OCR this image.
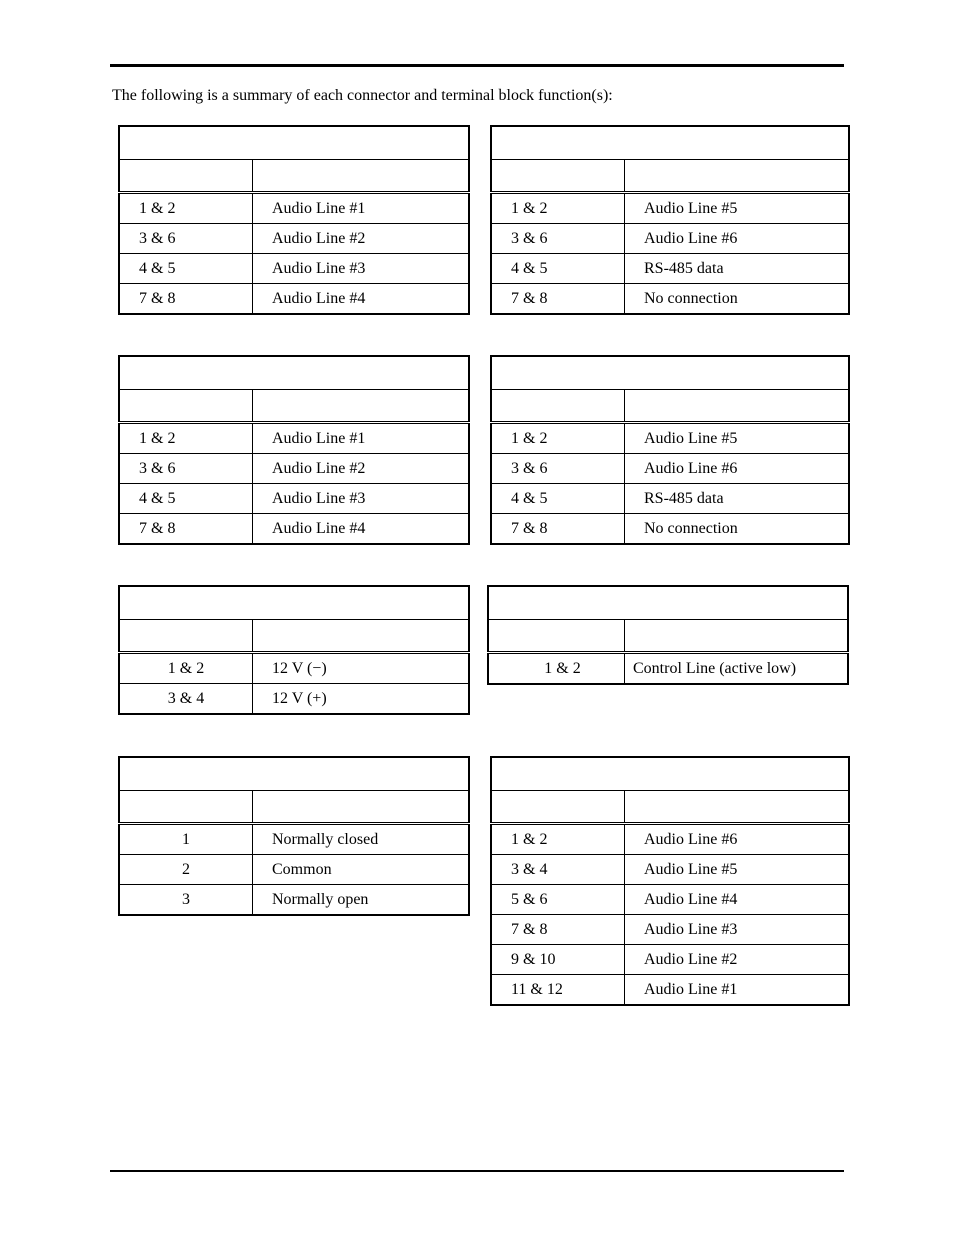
The following is a summary of each connector and terminal block function(s):

1 & 2	Audio Line #1
3 & 6	Audio Line #2
4 & 5	Audio Line #3
7 & 8	Audio Line #4

1 & 2	Audio Line #5
3 & 6	Audio Line #6
4 & 5	RS-485 data
7 & 8	No connection

1 & 2	Audio Line #1
3 & 6	Audio Line #2
4 & 5	Audio Line #3
7 & 8	Audio Line #4

1 & 2	Audio Line #5
3 & 6	Audio Line #6
4 & 5	RS-485 data
7 & 8	No connection

1 & 2	12 V (−)
3 & 4	12 V (+)

1 & 2	Control Line (active low)

1	Normally closed
2	Common
3	Normally open

1 & 2	Audio Line #6
3 & 4	Audio Line #5
5 & 6	Audio Line #4
7 & 8	Audio Line #3
9 & 10	Audio Line #2
11 & 12	Audio Line #1
